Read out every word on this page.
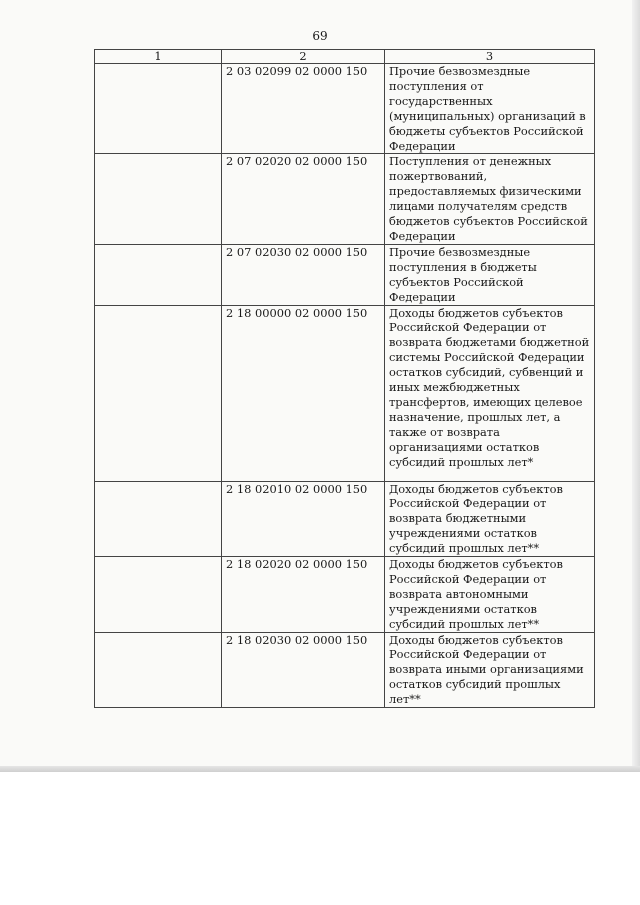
69
1	2	3
	2 03 02099 02 0000 150	Прочие безвозмездные поступления от государственных (муниципальных) организаций в бюджеты субъектов Российской Федерации
	2 07 02020 02 0000 150	Поступления от денежных пожертвований, предоставляемых физическими лицами получателям средств бюджетов субъектов Российской Федерации
	2 07 02030 02 0000 150	Прочие безвозмездные поступления в бюджеты субъектов Российской Федерации
	2 18 00000 02 0000 150	Доходы бюджетов субъектов Российской Федерации от возврата бюджетами бюджетной системы Российской Федерации остатков субсидий, субвенций и иных межбюджетных трансфертов, имеющих целевое назначение, прошлых лет, а также от возврата организациями остатков субсидий прошлых лет*
	2 18 02010 02 0000 150	Доходы бюджетов субъектов Российской Федерации от возврата бюджетными учреждениями остатков субсидий прошлых лет**
	2 18 02020 02 0000 150	Доходы бюджетов субъектов Российской Федерации от возврата автономными учреждениями остатков субсидий прошлых лет**
	2 18 02030 02 0000 150	Доходы бюджетов субъектов Российской Федерации от возврата иными организациями остатков субсидий прошлых лет**
